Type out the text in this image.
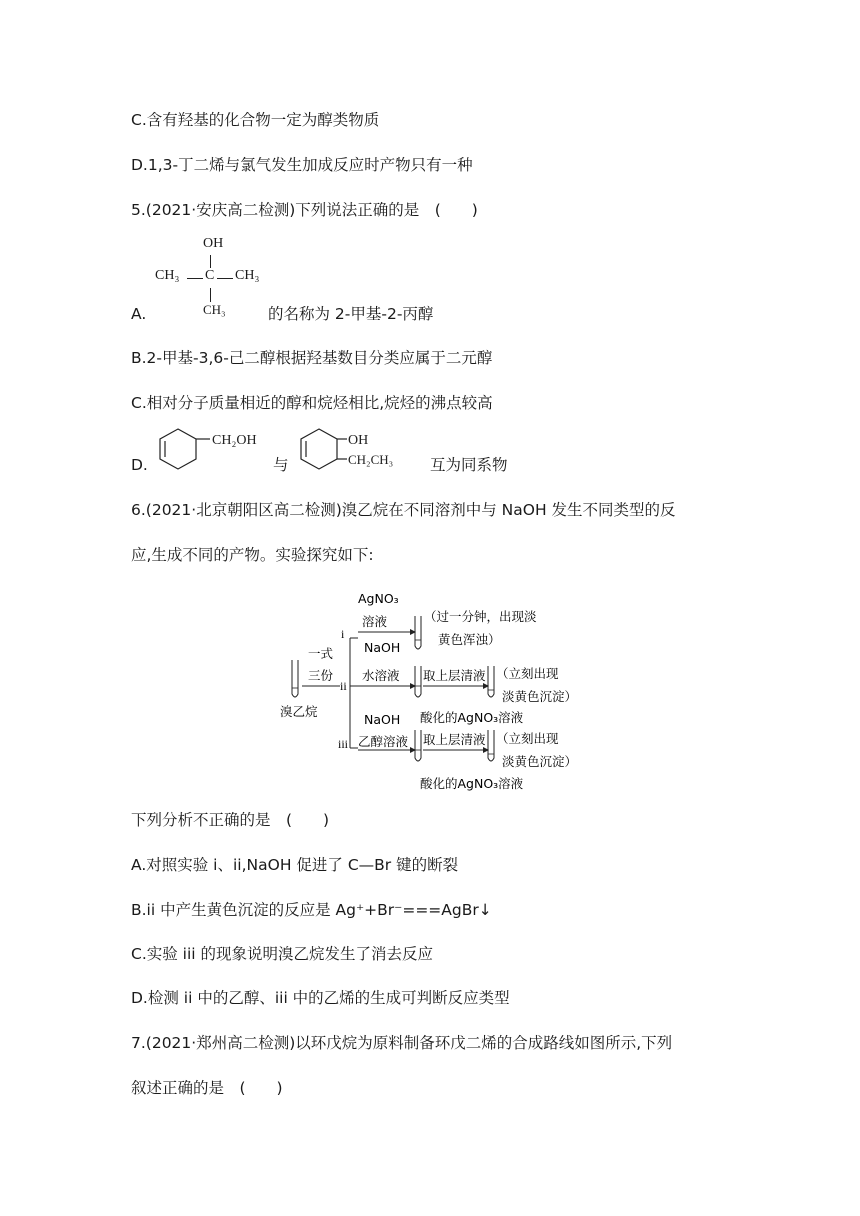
C.含有羟基的化合物一定为醇类物质
D.1,3-丁二烯与氯气发生加成反应时产物只有一种
5.(2021·安庆高二检测)下列说法正确的是　(　　)
OH
CH₃ C CH₃
CH₃
A.	的名称为 2-甲基-2-丙醇
B.2-甲基-3,6-己二醇根据羟基数目分类应属于二元醇
C.相对分子质量相近的醇和烷烃相比,烷烃的沸点较高
D.
CH₂OH
与
OH
CH₂CH₃ 互为同系物
6.(2021·北京朝阳区高二检测)溴乙烷在不同溶剂中与 NaOH 发生不同类型的反
应,生成不同的产物。实验探究如下:
溴乙烷
一式
三份
i
ii
iii
AgNO₃
溶液	（过一分钟，出现淡
黄色浑浊）
NaOH
水溶液 取上层清液 （立刻出现
淡黄色沉淀）
酸化的AgNO₃溶液
NaOH
乙醇溶液 取上层清液 （立刻出现
淡黄色沉淀）
酸化的AgNO₃溶液
下列分析不正确的是　(　　)
A.对照实验 i、ii,NaOH 促进了 C—Br 键的断裂
B.ii 中产生黄色沉淀的反应是 Ag⁺+Br⁻===AgBr↓
C.实验 iii 的现象说明溴乙烷发生了消去反应
D.检测 ii 中的乙醇、iii 中的乙烯的生成可判断反应类型
7.(2021·郑州高二检测)以环戊烷为原料制备环戊二烯的合成路线如图所示,下列
叙述正确的是　(　　)
